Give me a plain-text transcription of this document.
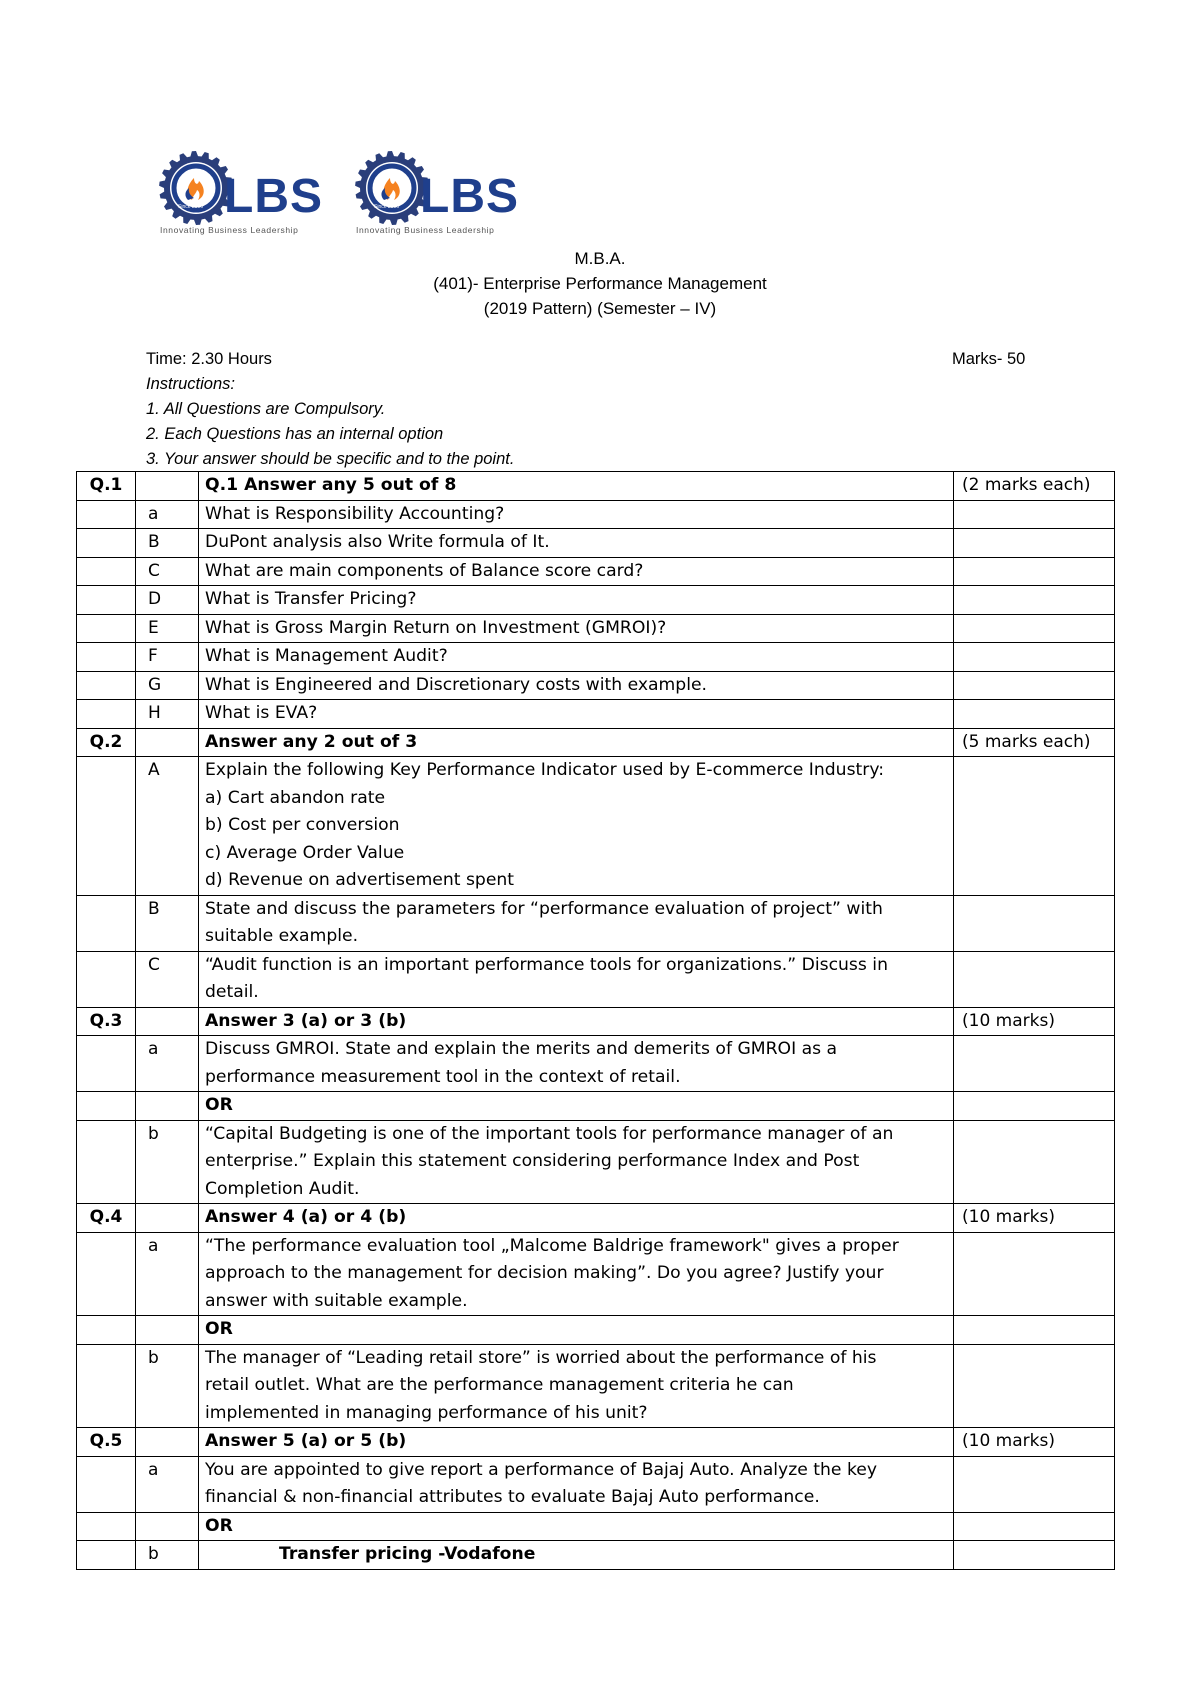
Since 2006 LBS
Innovating Business Leadership
Since 2006 LBS
Innovating Business Leadership
M.B.A.
(401)- Enterprise Performance Management
(2019 Pattern) (Semester – IV)
Time: 2.30 Hours	Marks- 50
Instructions:
1. All Questions are Compulsory.
2. Each Questions has an internal option
3. Your answer should be specific and to the point.
Q.1		Q.1 Answer any 5 out of 8	(2 marks each)
	a	What is Responsibility Accounting?	

	B	DuPont analysis also Write formula of It.	

	C	What are main components of Balance score card?	

	D	What is Transfer Pricing?	

	E	What is Gross Margin Return on Investment (GMROI)?	

	F	What is Management Audit?	

	G	What is Engineered and Discretionary costs with example.	

	H	What is EVA?	

Q.2		Answer any 2 out of 3	(5 marks each)
	A	Explain the following Key Performance Indicator used by E-commerce Industry:
a) Cart abandon rate
b) Cost per conversion
c) Average Order Value
d) Revenue on advertisement spent	

	B	State and discuss the parameters for “performance evaluation of project” with
suitable example.	

	C	“Audit function is an important performance tools for organizations.” Discuss in
detail.	

Q.3		Answer 3 (a) or 3 (b)	(10 marks)
	a	Discuss GMROI. State and explain the merits and demerits of GMROI as a
performance measurement tool in the context of retail.	

		OR	
	b	“Capital Budgeting is one of the important tools for performance manager of an
enterprise.” Explain this statement considering performance Index and Post
Completion Audit.	

Q.4		Answer 4 (a) or 4 (b)	(10 marks)
	a	“The performance evaluation tool „Malcome Baldrige framework" gives a proper
approach to the management for decision making”. Do you agree? Justify your
answer with suitable example.	

		OR	
	b	The manager of “Leading retail store” is worried about the performance of his
retail outlet. What are the performance management criteria he can
implemented in managing performance of his unit?	

Q.5		Answer 5 (a) or 5 (b)	(10 marks)
	a	You are appointed to give report a performance of Bajaj Auto. Analyze the key
financial & non-financial attributes to evaluate Bajaj Auto performance.	

		OR	
	b	Transfer pricing -Vodafone	
